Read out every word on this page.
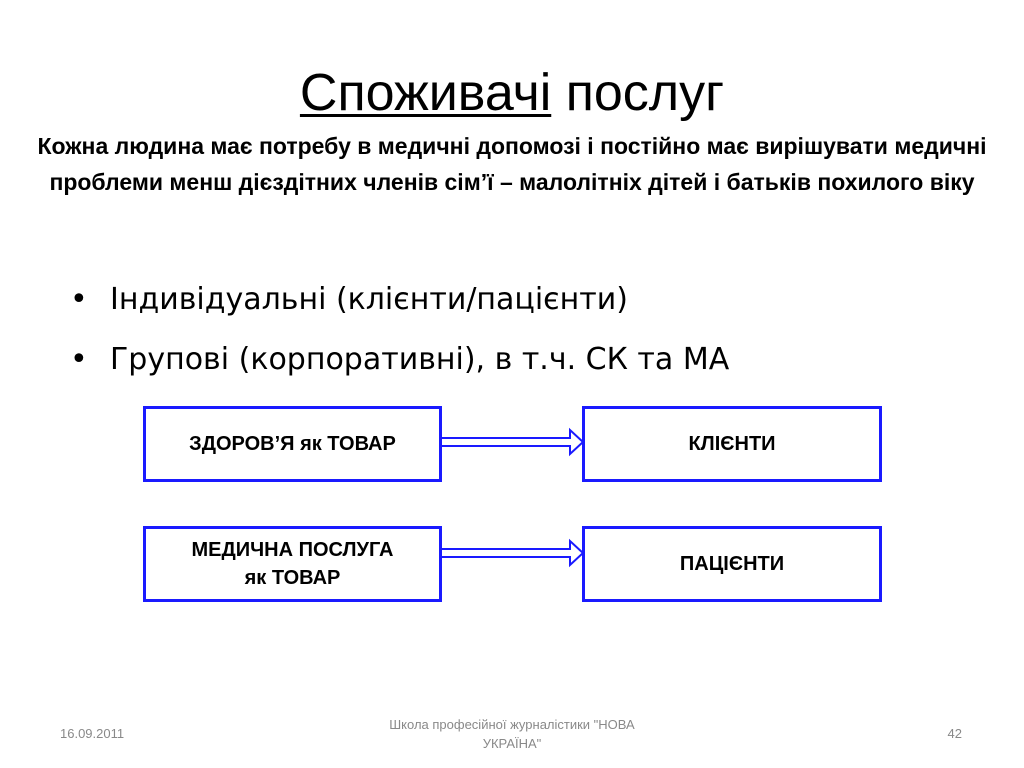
Споживачі послуг
Кожна людина має потребу в медичні допомозі і постійно має вирішувати медичні проблеми менш дієздітних членів сім’ї – малолітніх дітей і батьків похилого віку
• Індивідуальні (клієнти/пацієнти)
• Групові (корпоративні), в т.ч. СК та МА
ЗДОРОВ’Я як ТОВАР	КЛІЄНТИ
МЕДИЧНА ПОСЛУГА
як ТОВАР
ПАЦІЄНТИ
16.09.2011
Школа професійної журналістики "НОВА
УКРАЇНА"
42
